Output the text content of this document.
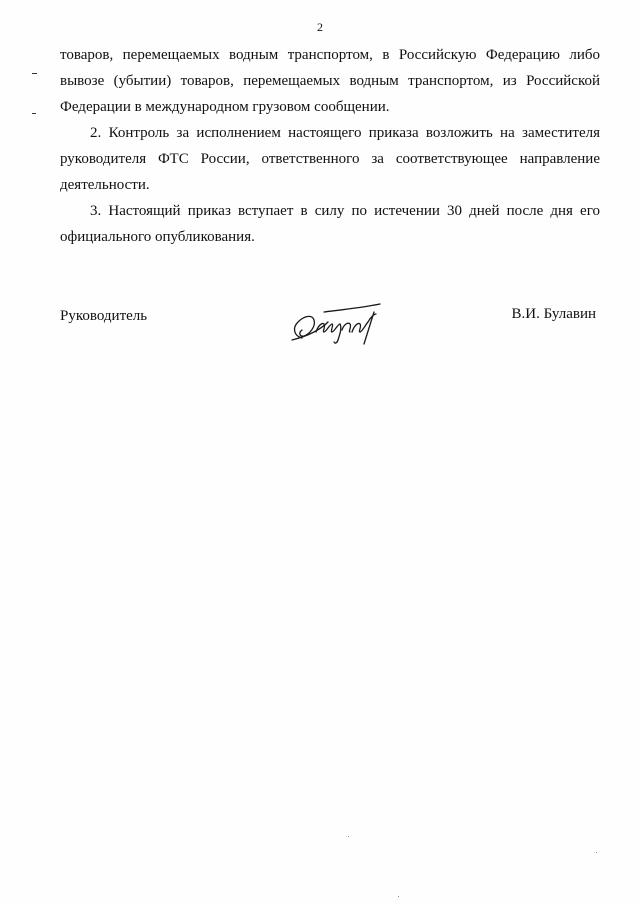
2
товаров, перемещаемых водным транспортом, в Российскую Федерацию либо
вывозе (убытии) товаров, перемещаемых водным транспортом, из Российской
Федерации в международном грузовом сообщении.
2. Контроль за исполнением настоящего приказа возложить на заместителя
руководителя ФТС России, ответственного за соответствующее направление
деятельности.
3. Настоящий приказ вступает в силу по истечении 30 дней после дня его
официального опубликования.
Руководитель	В.И. Булавин
